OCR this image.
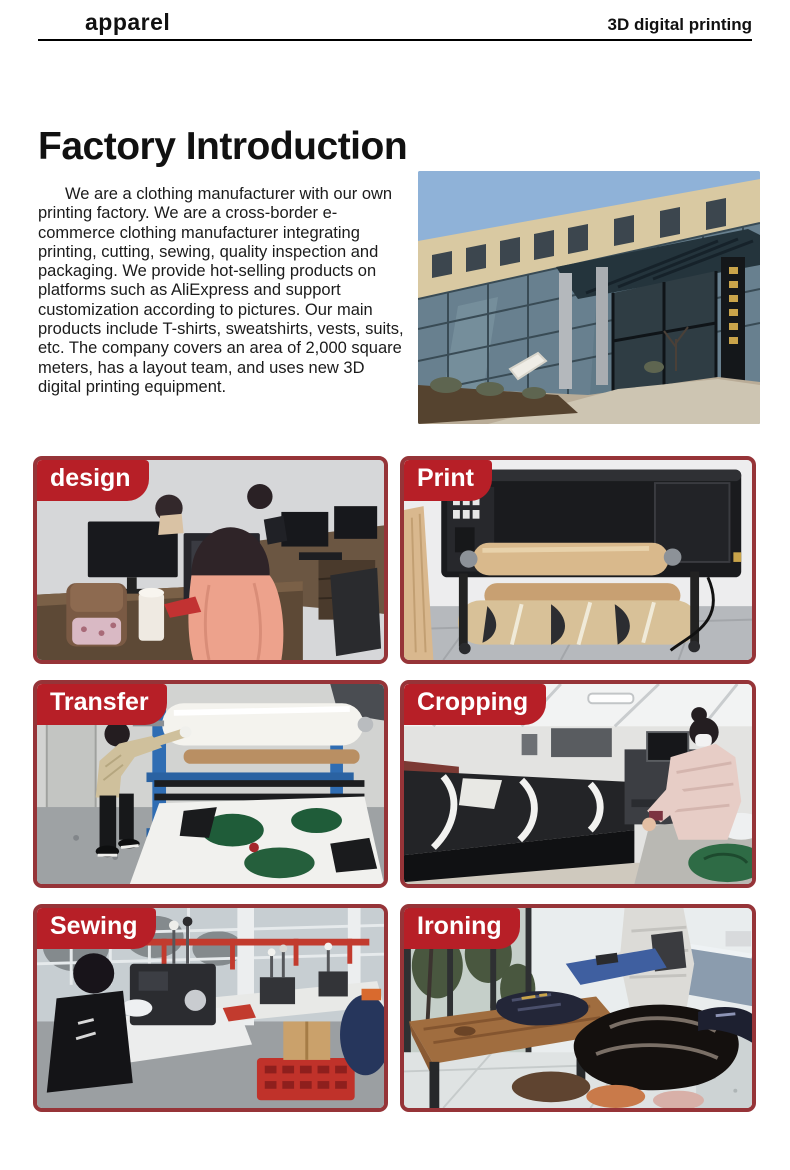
apparel	3D digital printing
Factory Introduction

We are a clothing manufacturer with our own printing factory. We are a cross-border e-commerce clothing manufacturer integrating printing, cutting, sewing, quality inspection and packaging. We provide hot-selling products on platforms such as AliExpress and support customization according to pictures. Our main products include T-shirts, sweatshirts, vests, suits, etc. The company covers an area of 2,000 square meters, has a layout team, and uses new 3D digital printing equipment.

design	Print
Transfer	Cropping
Sewing	Ironing
